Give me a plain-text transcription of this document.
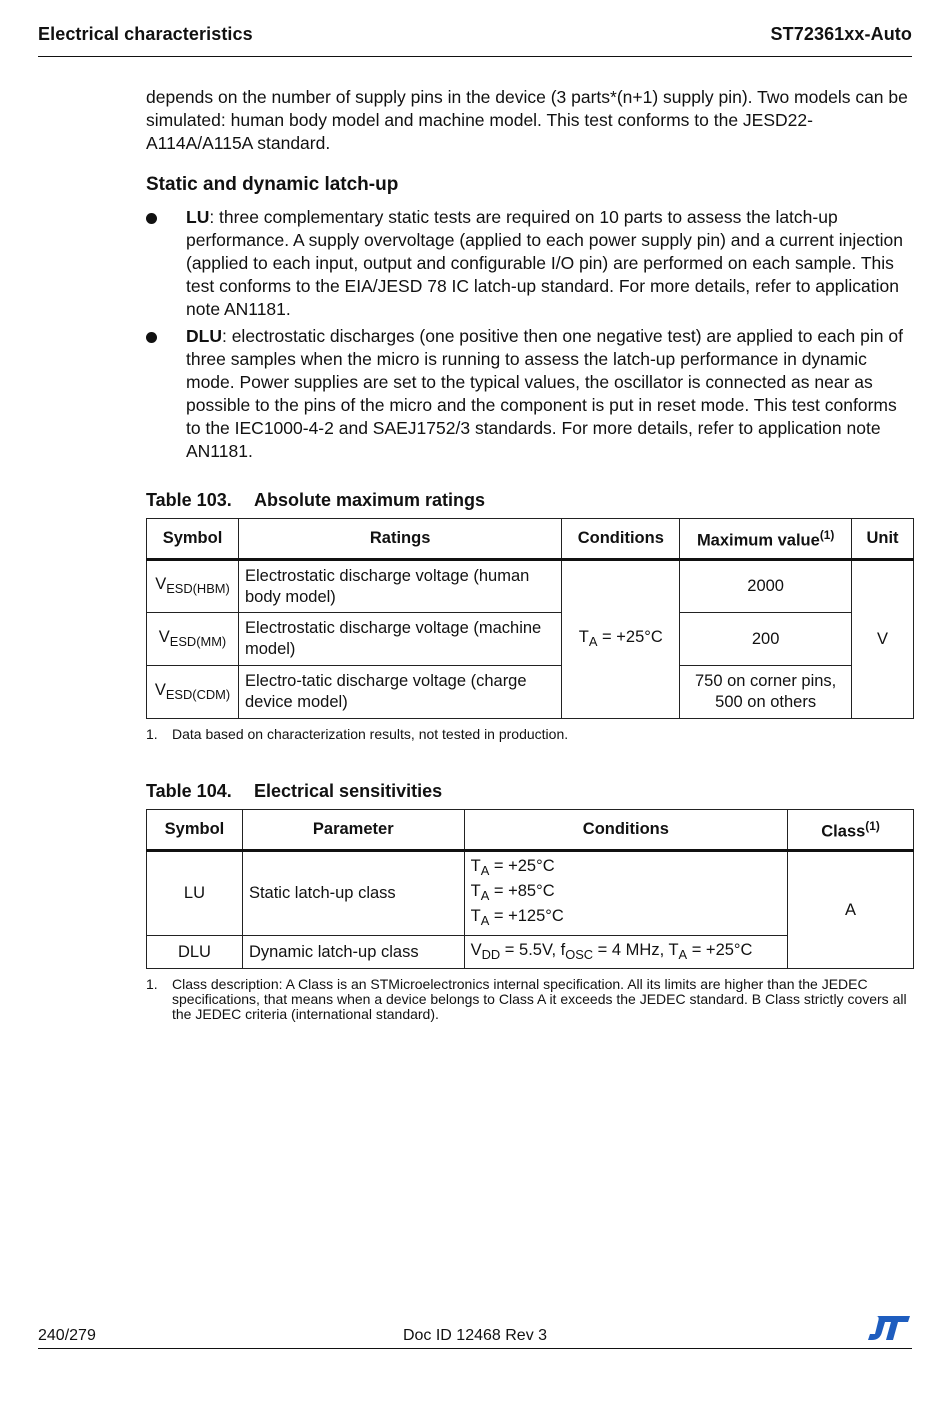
Electrical characteristics	ST72361xx-Auto

depends on the number of supply pins in the device (3 parts*(n+1) supply pin). Two models can be simulated: human body model and machine model. This test conforms to the JESD22-A114A/A115A standard.

Static and dynamic latch-up
LU: three complementary static tests are required on 10 parts to assess the latch-up performance. A supply overvoltage (applied to each power supply pin) and a current injection (applied to each input, output and configurable I/O pin) are performed on each sample. This test conforms to the EIA/JESD 78 IC latch-up standard. For more details, refer to application note AN1181.
DLU: electrostatic discharges (one positive then one negative test) are applied to each pin of three samples when the micro is running to assess the latch-up performance in dynamic mode. Power supplies are set to the typical values, the oscillator is connected as near as possible to the pins of the micro and the component is put in reset mode. This test conforms to the IEC1000-4-2 and SAEJ1752/3 standards. For more details, refer to application note AN1181.
Table 103. Absolute maximum ratings
Symbol	Ratings	Conditions	Maximum value$^{(1)}$	Unit
$V_{ESD(HBM)}$	Electrostatic discharge voltage (human body model)	$T_A = +25^\circ C$	2000	V
$V_{ESD(MM)}$	Electrostatic discharge voltage (machine model)		200	
$V_{ESD(CDM)}$	Electro-tatic discharge voltage (charge device model)		750 on corner pins,
500 on others	
1.	Data based on characterization results, not tested in production.
Table 104. Electrical sensitivities
Symbol	Parameter	Conditions	Class$^{(1)}$
LU	Static latch-up class	$T_A = +25^\circ C$
$T_A = +85^\circ C$
$T_A = +125^\circ C$	A
DLU	Dynamic latch-up class	$V_{DD} = 5.5V$, $f_{OSC} = 4$ MHz, $T_A = +25^\circ C$	
1.	Class description: A Class is an STMicroelectronics internal specification. All its limits are higher than the JEDEC specifications, that means when a device belongs to Class A it exceeds the JEDEC standard. B Class strictly covers all the JEDEC criteria (international standard).
240/279	Doc ID 12468 Rev 3
